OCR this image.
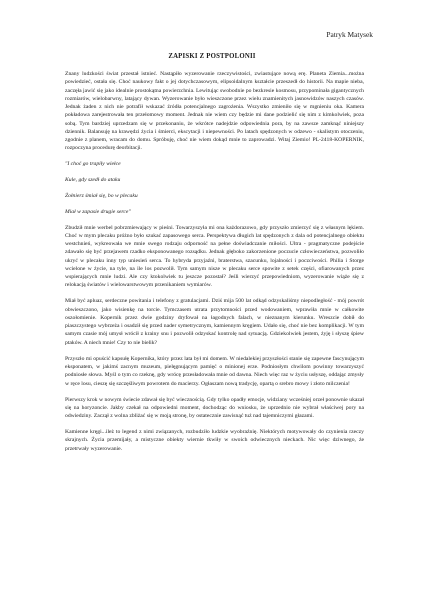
Patryk Matysek
ZAPISKI Z POSTPOLONII

Znany ludzkości świat przestał istnieć. Nastąpiło wyzerowanie rzeczywistości, zwiastujące nową erę. Planeta Ziemia...można powiedzieć, ostała się. Choć naukowy fakt o jej dotychczasowym, elipsoidalnym kształcie przeszedł do historii. Na mapie nieba, zaczęła jawić się jako idealnie prostokątna powierzchnia. Lewitując swobodnie po bezkresie kosmosu, przypominała gigantycznych rozmiarów, wielobarwny, latający dywan. Wyzerowanie było wieszczone przez wielu znamienitych jasnowidzów naszych czasów. Jednak żaden z nich nie potrafił wskazać źródła potencjalnego zagrożenia. Wszystko zmieniło się w mgnieniu oka. Kamera pokładowa zarejestrowała ten przełomowy moment. Jednak nie wiem czy będzie mi dane podzielić się nim z kimkolwiek, poza sobą. Tym bardziej uprzedzam się w przekonaniu, że wkrótce nadejdzie odpowiednia pora, by na zawsze zamknąć niniejszy dziennik. Balansuję na krawędzi życia i śmierci, ekscytacji i niepewności. Po latach spędzonych w odzewo - skalistym otoczeniu, zgodnie z planem, wracam do domu. Spróbuję, choć nie wiem dokąd mnie to zaprowadzi. Witaj Ziemio! PL-2418-KOPERNIK, rozpoczyna procedurę deorbitacji.

"I choć go trapiły wiełce

Kule, gdy szedł do ataku

Żołnierz śmiał się, bo w plecaku

Miał w zapasie drugie serce"

Zbudził mnie werbel pobrzmiewający w pieśni. Towarzyszyła mi ona każdorazowo, gdy przyszło zmierzyć się z własnym lękiem. Choć w mym plecaku próżno było szukać zapasowego serca. Perspektywa długich lat spędzonych z dala od potencjalnego obiektu westchnień, wykreowała we mnie swego rodzaju odporność na pełne doświadczanie miłości. Ultra - pragmatyczne podejście zdawało się być przejawem rzadko eksponowanego rozsądku. Jednak głęboko zakorzenione poczucie człowieczeństwa, pozwoliło ukryć w plecaku inny typ uniesień serca. To hybryda przyjaźni, braterstwa, szacunku, lojalności i poczciwości. Philia i Storge wcielone w życie, na tyle, na ile los pozwolił. Tym samym nisze w plecaku serce spowite z setek części, ofiarowanych przez wspierających mnie ludzi. Ale czy ktokolwiek tu jeszcze pozostał? Jeśli wierzyć przepowiedniom, wyzerowanie wiąże się z relokacją światów i wielowarstwowym przenikaniem wymiarów.

Miał być apluaz, serdeczne powitania i telefony z gratulacjami. Dziś mija 500 lat odkąd odzyskaliśmy niepodległość - mój powrót obwieszczono, jako wisienkę na torcie. Tymczasem utrata przytomności przed wodowaniem, wprawiła mnie w całkowite oszołomienie. Kopernik przez dwie godziny dryfował na łagodnych falach, w nieznanym kierunku. Wreszcie dobił do piaszczystego wybrzeża i osadził się przed nader symetrycznym, kamiennym kręgiem. Udało się, choć nie bez komplikacji. W tym samym czasie mój umysł wrócił z krainy snu i pozwolił odzyskać kontrolę nad sytuacją. Gdziekolwiek jestem, żyję i słyszę śpiew ptaków. A niech mnie! Czy to nie bielik?

Przyszło mi opuścić kapsułę Kopernika, który przez lata był mi domem. W niedalekiej przyszłości stanie się zapewne fascynującym eksponatem, w jakimś zacnym muzeum, pielęgnującym pamięć o minionej erze. Podniosłym chwilom powinny towarzyszyć podniosłe słowa. Myśl o tym co rzeknę, gdy wrócę przesładowała mnie od dawna. Niech więc raz w życiu usłyszę, oddając zmysły w ręce losu, cieszę się szczęśliwym powrotem do macierzy. Ogłaszam nową tradycję, opartą o srebro mowy i złoto milczenia!

Pierwszy krok w nowym świecie zdawał się być wiecznością. Gdy tylko opadły emocje, widziany wcześniej orzeł ponownie ukazał się na horyzoncie. Jakby czekał na odpowiedni moment, dochodząc do wniosku, że uprzednio nie wybrał właściwej pory na odwiedziny. Zaczął z wolna zbliżać się w moją stronę, by ostatecznie zawisnąć tuż nad tajemniczymi głazami.

Kamienne kręgi...ileż to legend z nimi związanych, rozbudziło ludzkie wyobraźnię. Niektórych motywowały do czynienia rzeczy skrajnych. Życia przemijały, a mistyczne obiekty wiernie tkwiły w swoich odwiecznych nieckach. Nic więc dziwnego, że przetrwały wyzerowanie.
